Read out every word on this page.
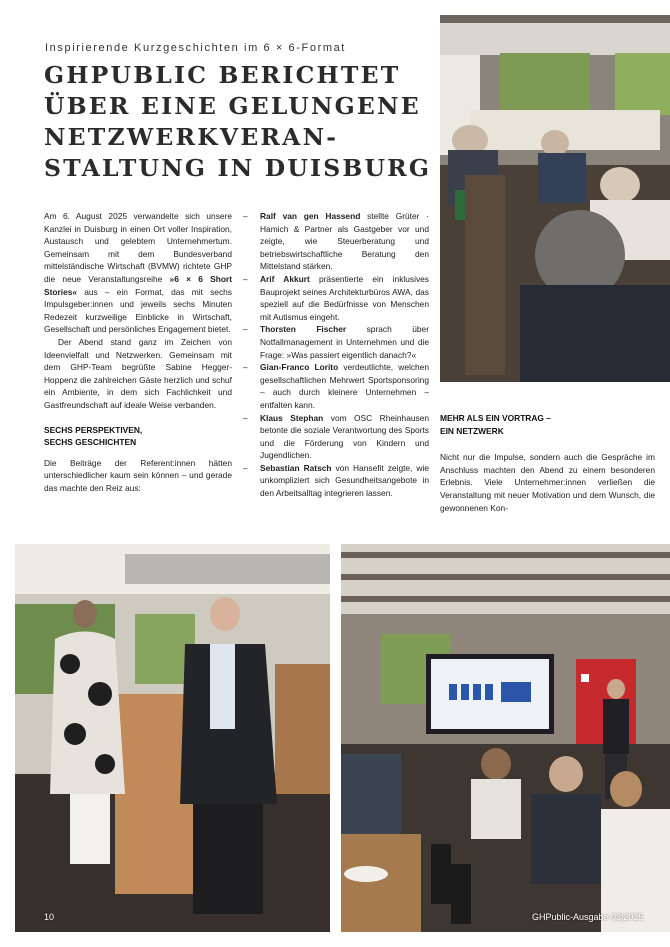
Inspirierende Kurzgeschichten im 6 × 6-Format
GHPUBLIC BERICHTET
ÜBER EINE GELUNGENE
NETZWERKVERAN-
STALTUNG IN DUISBURG

Am 6. August 2025 verwandelte sich unsere Kanzlei in Duisburg in einen Ort voller Inspiration, Austausch und gelebtem Unternehmertum. Gemeinsam mit dem Bundesverband mittelständische Wirtschaft (BVMW) richtete GHP die neue Veranstaltungsreihe »6 × 6 Short Stories« aus – ein Format, das mit sechs Impulsgeber:innen und jeweils sechs Minuten Redezeit kurzweilige Einblicke in Wirtschaft, Gesellschaft und persönliches Engagement bietet.

Der Abend stand ganz im Zeichen von Ideenvielfalt und Netzwerken. Gemeinsam mit dem GHP-Team begrüßte Sabine Hegger-Hoppenz die zahlreichen Gäste herzlich und schuf ein Ambiente, in dem sich Fachlichkeit und Gastfreundschaft auf ideale Weise verbanden.

SECHS PERSPEKTIVEN,
SECHS GESCHICHTEN

Die Beiträge der Referent:innen hätten unterschiedlicher kaum sein können – und gerade das machte den Reiz aus:

– Ralf van gen Hassend stellte Grüter · Hamich & Partner als Gastgeber vor und zeigte, wie Steuerberatung und betriebswirtschaftliche Beratung den Mittelstand stärken.
– Arif Akkurt präsentierte ein inklusives Bauprojekt seines Architekturbüros AWA, das speziell auf die Bedürfnisse von Menschen mit Autismus eingeht.
– Thorsten Fischer sprach über Notfallmanagement in Unternehmen und die Frage: »Was passiert eigentlich danach?«
– Gian-Franco Lorito verdeutlichte, welchen gesellschaftlichen Mehrwert Sportsponsoring – auch durch kleinere Unternehmen – entfalten kann.
– Klaus Stephan vom OSC Rheinhausen betonte die soziale Verantwortung des Sports und die Förderung von Kindern und Jugendlichen.
– Sebastian Ratsch von Hansefit zeigte, wie unkompliziert sich Gesundheitsangebote in den Arbeitsalltag integrieren lassen.
MEHR ALS EIN VORTRAG –
EIN NETZWERK

Nicht nur die Impulse, sondern auch die Gespräche im Anschluss machten den Abend zu einem besonderen Erlebnis. Viele Unternehmer:innen verließen die Veranstaltung mit neuer Motivation und dem Wunsch, die gewonnenen Kon-

10	GHPublic-Ausgabe 03|2025
